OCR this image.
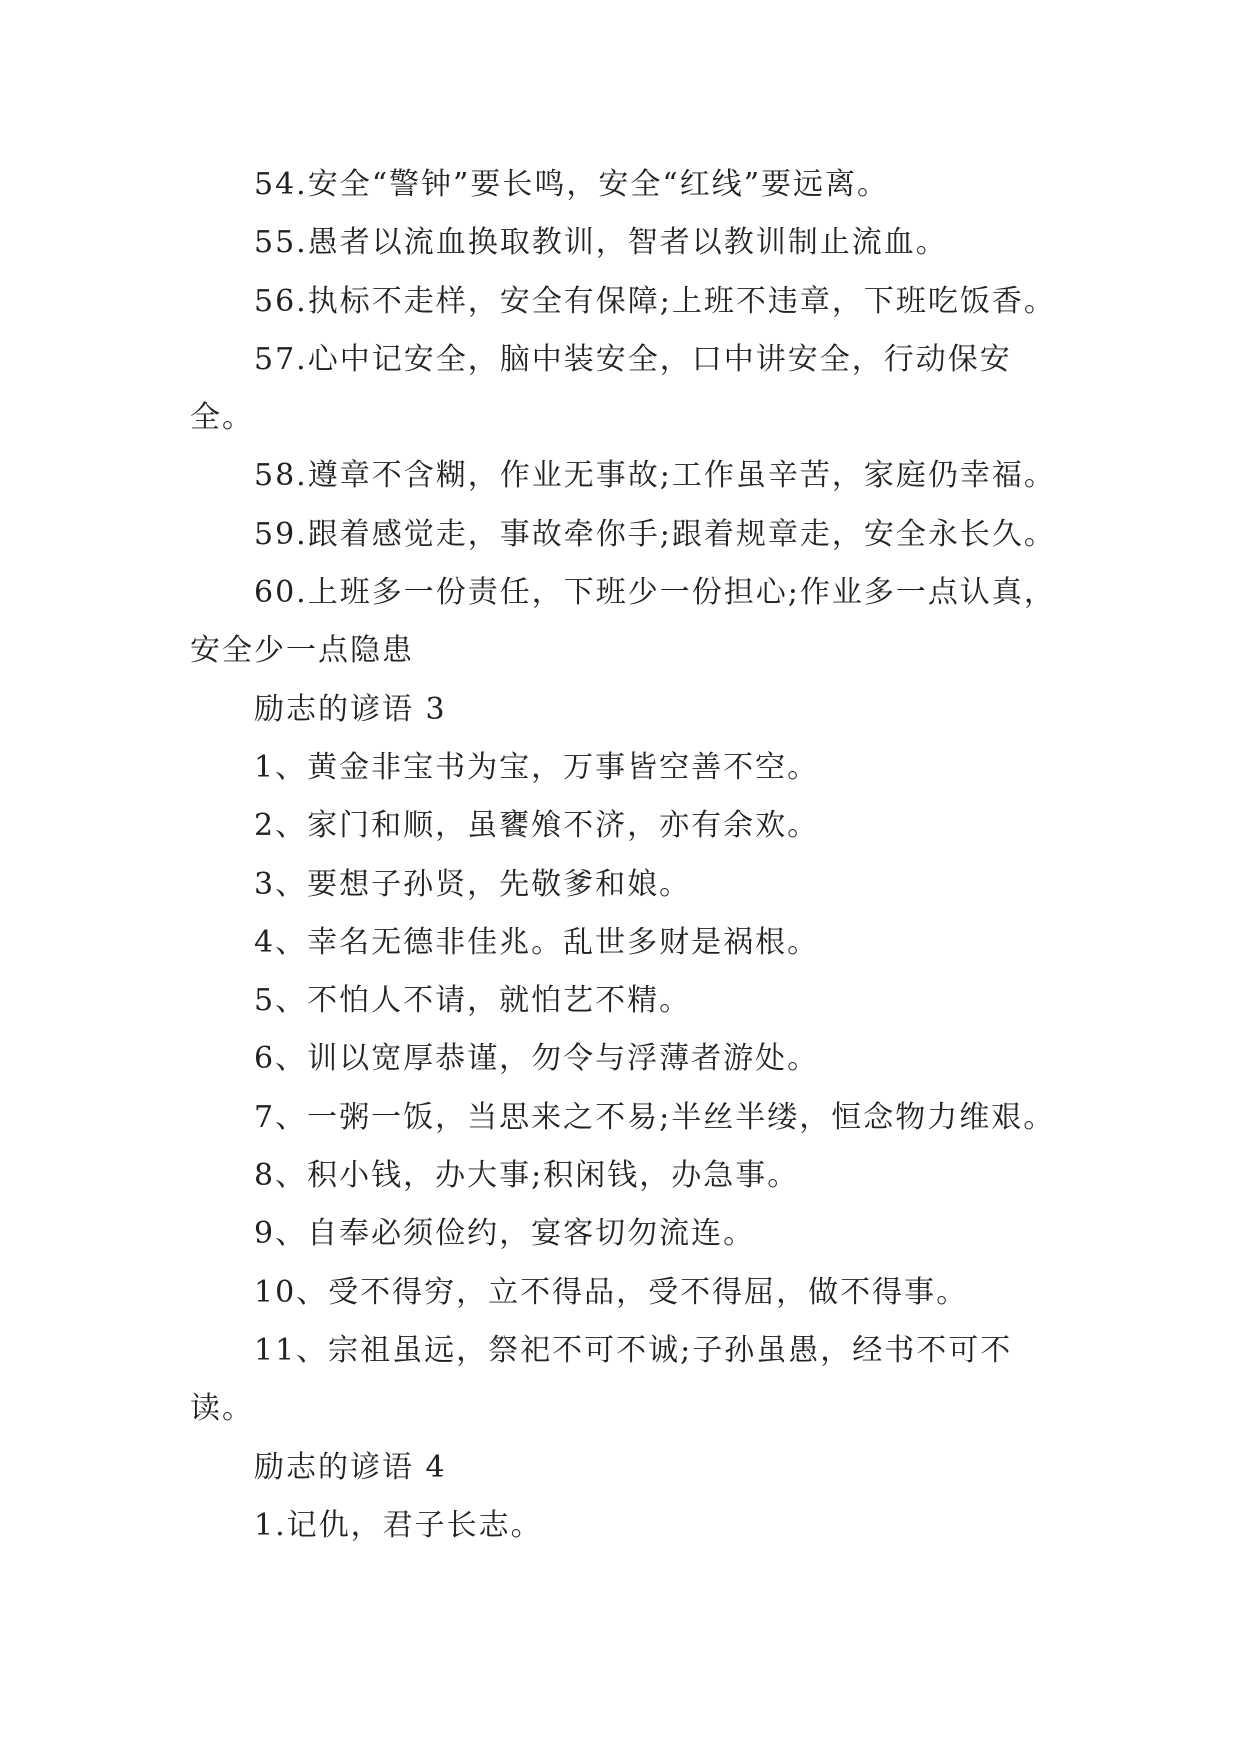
54.安全“警钟”要长鸣，安全“红线”要远离。

55.愚者以流血换取教训，智者以教训制止流血。

56.执标不走样，安全有保障;上班不违章，下班吃饭香。

57.心中记安全，脑中装安全，口中讲安全，行动保安全。

58.遵章不含糊，作业无事故;工作虽辛苦，家庭仍幸福。

59.跟着感觉走，事故牵你手;跟着规章走，安全永长久。

60.上班多一份责任，下班少一份担心;作业多一点认真，安全少一点隐患

励志的谚语 3

1、黄金非宝书为宝，万事皆空善不空。

2、家门和顺，虽饔飧不济，亦有余欢。

3、要想子孙贤，先敬爹和娘。

4、幸名无德非佳兆。乱世多财是祸根。

5、不怕人不请，就怕艺不精。

6、训以宽厚恭谨，勿令与浮薄者游处。

7、一粥一饭，当思来之不易;半丝半缕，恒念物力维艰。

8、积小钱，办大事;积闲钱，办急事。

9、自奉必须俭约，宴客切勿流连。

10、受不得穷，立不得品，受不得屈，做不得事。

11、宗祖虽远，祭祀不可不诚;子孙虽愚，经书不可不读。

励志的谚语 4

1.记仇，君子长志。
